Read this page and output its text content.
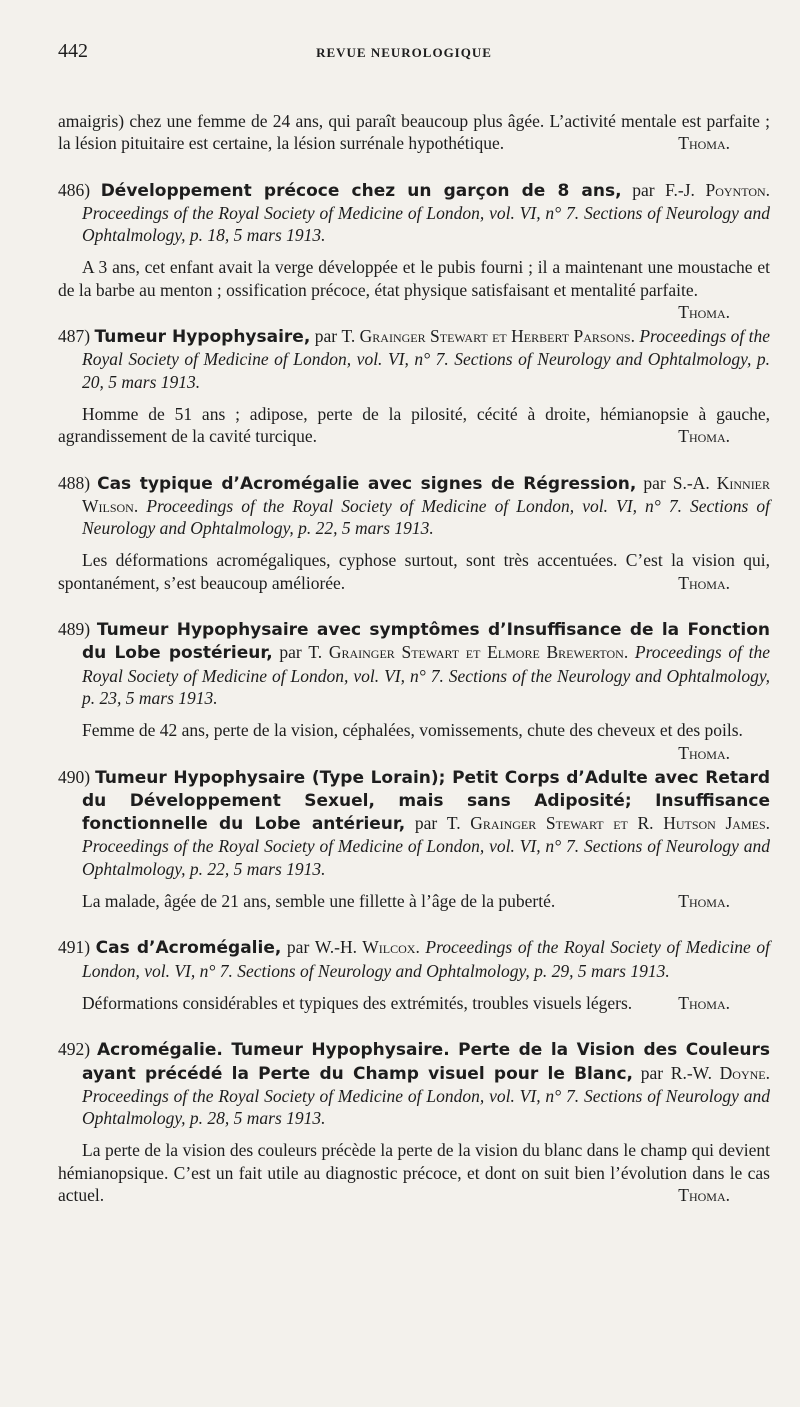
442	REVUE NEUROLOGIQUE

amaigris) chez une femme de 24 ans, qui paraît beaucoup plus âgée. L’activité mentale est parfaite ; la lésion pituitaire est certaine, la lésion surrénale hypothétique.	Thoma.

486) Développement précoce chez un garçon de 8 ans, par F.-J. Poynton. Proceedings of the Royal Society of Medicine of London, vol. VI, n° 7. Sections of Neurology and Ophtalmology, p. 18, 5 mars 1913.

A 3 ans, cet enfant avait la verge développée et le pubis fourni ; il a maintenant une moustache et de la barbe au menton ; ossification précoce, état physique satisfaisant et mentalité parfaite.
Thoma.

487) Tumeur Hypophysaire, par T. Grainger Stewart et Herbert Parsons. Proceedings of the Royal Society of Medicine of London, vol. VI, n° 7. Sections of Neurology and Ophtalmology, p. 20, 5 mars 1913.

Homme de 51 ans ; adipose, perte de la pilosité, cécité à droite, hémianopsie à gauche, agrandissement de la cavité turcique.	Thoma.

488) Cas typique d’Acromégalie avec signes de Régression, par S.-A. Kinnier Wilson. Proceedings of the Royal Society of Medicine of London, vol. VI, n° 7. Sections of Neurology and Ophtalmology, p. 22, 5 mars 1913.

Les déformations acromégaliques, cyphose surtout, sont très accentuées. C’est la vision qui, spontanément, s’est beaucoup améliorée.	Thoma.

489) Tumeur Hypophysaire avec symptômes d’Insuffisance de la Fonction du Lobe postérieur, par T. Grainger Stewart et Elmore Brewerton. Proceedings of the Royal Society of Medicine of London, vol. VI, n° 7. Sections of the Neurology and Ophtalmology, p. 23, 5 mars 1913.

Femme de 42 ans, perte de la vision, céphalées, vomissements, chute des cheveux et des poils.
Thoma.

490) Tumeur Hypophysaire (Type Lorain); Petit Corps d’Adulte avec Retard du Développement Sexuel, mais sans Adiposité; Insuffisance fonctionnelle du Lobe antérieur, par T. Grainger Stewart et R. Hutson James. Proceedings of the Royal Society of Medicine of London, vol. VI, n° 7. Sections of Neurology and Ophtalmology, p. 22, 5 mars 1913.

La malade, âgée de 21 ans, semble une fillette à l’âge de la puberté.	Thoma.

491) Cas d’Acromégalie, par W.-H. Wilcox. Proceedings of the Royal Society of Medicine of London, vol. VI, n° 7. Sections of Neurology and Ophtalmology, p. 29, 5 mars 1913.

Déformations considérables et typiques des extrémités, troubles visuels légers.	Thoma.

492) Acromégalie. Tumeur Hypophysaire. Perte de la Vision des Couleurs ayant précédé la Perte du Champ visuel pour le Blanc, par R.-W. Doyne. Proceedings of the Royal Society of Medicine of London, vol. VI, n° 7. Sections of Neurology and Ophtalmology, p. 28, 5 mars 1913.

La perte de la vision des couleurs précède la perte de la vision du blanc dans le champ qui devient hémianopsique. C’est un fait utile au diagnostic précoce, et dont on suit bien l’évolution dans le cas actuel.	Thoma.
